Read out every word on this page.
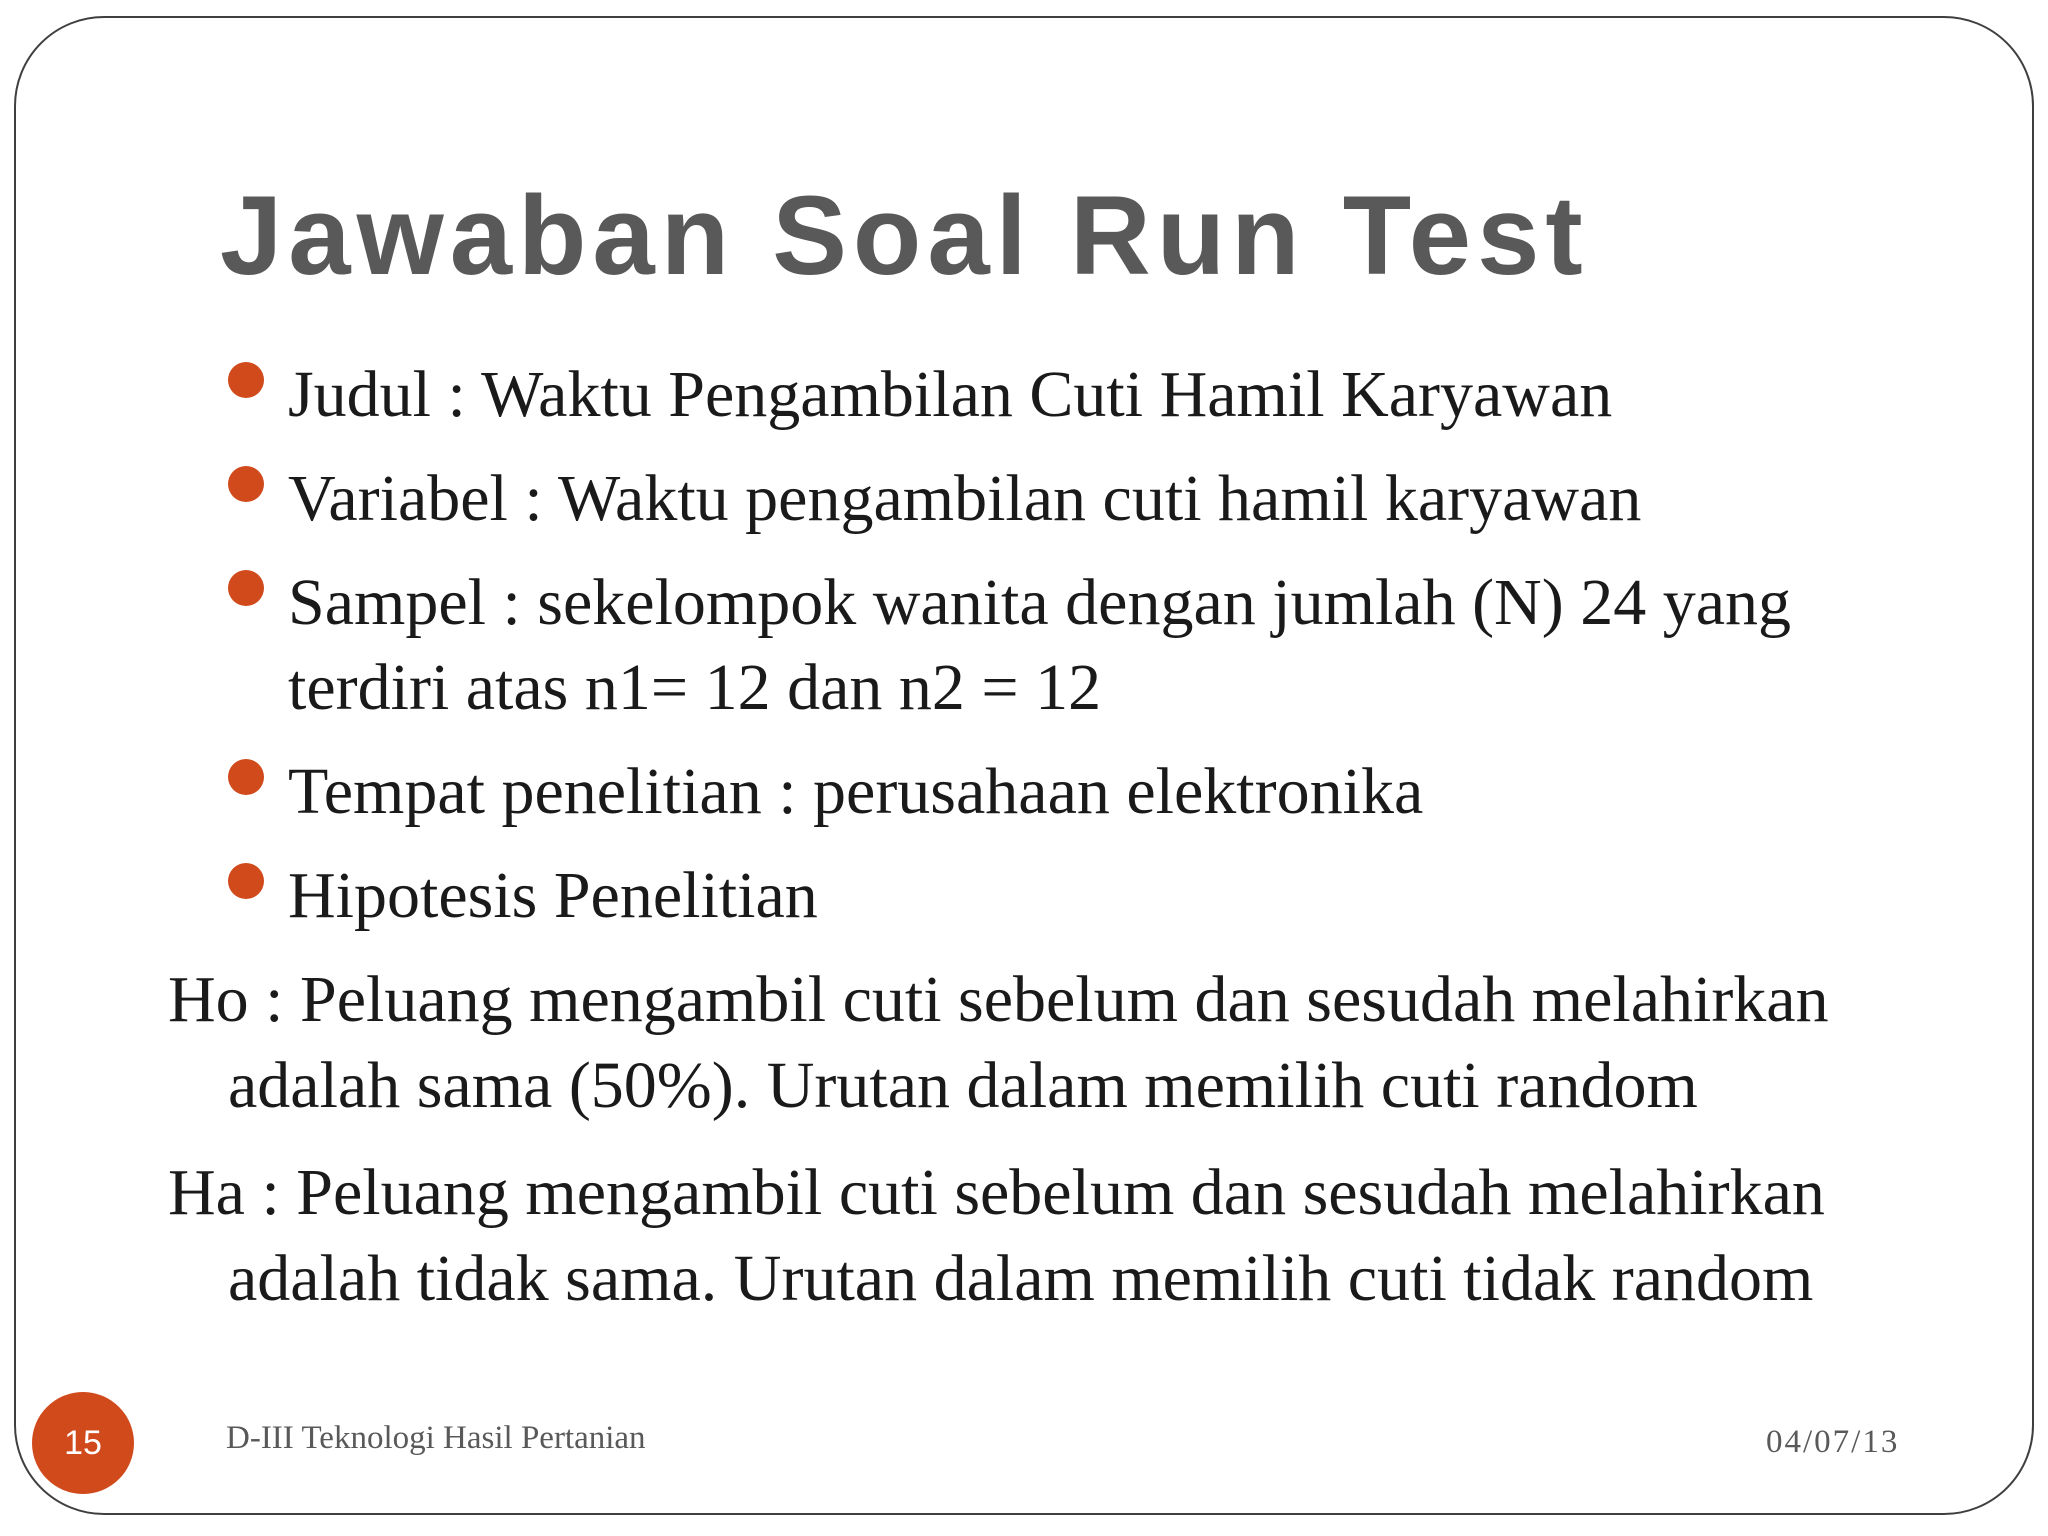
Jawaban Soal Run Test
Judul : Waktu Pengambilan Cuti Hamil Karyawan
Variabel : Waktu pengambilan cuti hamil karyawan
Sampel : sekelompok wanita dengan jumlah (N) 24 yang terdiri atas n1= 12 dan n2 = 12
Tempat penelitian : perusahaan elektronika
Hipotesis Penelitian
Ho : Peluang mengambil cuti sebelum dan sesudah melahirkan adalah sama (50%). Urutan dalam memilih cuti random
Ha : Peluang mengambil cuti sebelum dan sesudah melahirkan adalah tidak sama. Urutan dalam memilih cuti tidak random
15	D-III Teknologi Hasil Pertanian	04/07/13
